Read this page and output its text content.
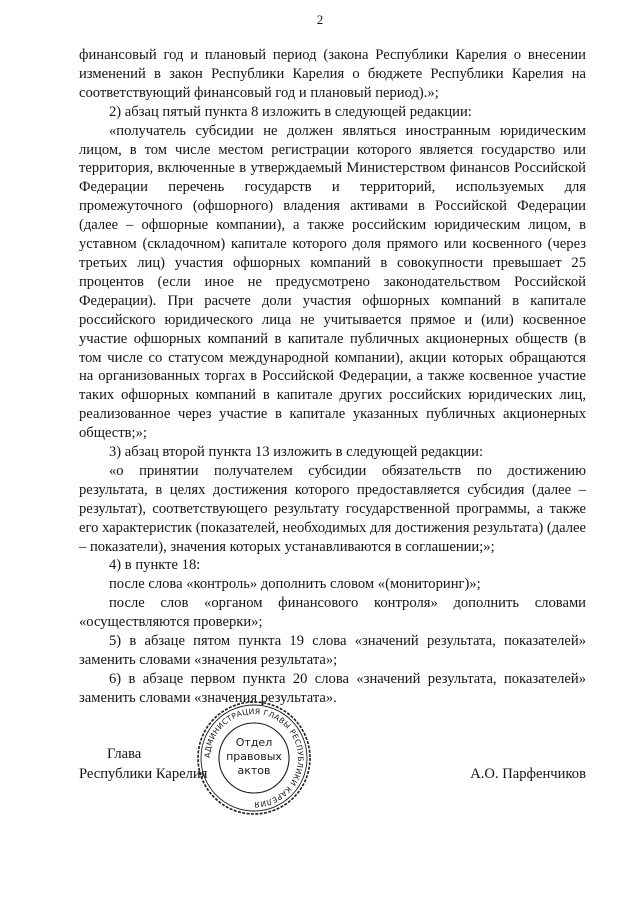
2

финансовый год и плановый период (закона Республики Карелия о внесении изменений в закон Республики Карелия о бюджете Республики Карелия на соответствующий финансовый год и плановый период).»;

2) абзац пятый пункта 8 изложить в следующей редакции:

«получатель субсидии не должен являться иностранным юридическим лицом, в том числе местом регистрации которого является государство или территория, включенные в утверждаемый Министерством финансов Российской Федерации перечень государств и территорий, используемых для промежуточного (офшорного) владения активами в Российской Федерации (далее – офшорные компании), а также российским юридическим лицом, в уставном (складочном) капитале которого доля прямого или косвенного (через третьих лиц) участия офшорных компаний в совокупности превышает 25 процентов (если иное не предусмотрено законодательством Российской Федерации). При расчете доли участия офшорных компаний в капитале российского юридического лица не учитывается прямое и (или) косвенное участие офшорных компаний в капитале публичных акционерных обществ (в том числе со статусом международной компании), акции которых обращаются на организованных торгах в Российской Федерации, а также косвенное участие таких офшорных компаний в капитале других российских юридических лиц, реализованное через участие в капитале указанных публичных акционерных обществ;»;

3) абзац второй пункта 13 изложить в следующей редакции:

«о принятии получателем субсидии обязательств по достижению результата, в целях достижения которого предоставляется субсидия (далее – результат), соответствующего результату государственной программы, а также его характеристик (показателей, необходимых для достижения результата) (далее – показатели), значения которых устанавливаются в соглашении;»;

4) в пункте 18:

после слова «контроль» дополнить словом «(мониторинг)»;

после слов «органом финансового контроля» дополнить словами «осуществляются проверки»;

5) в абзаце пятом пункта 19 слова «значений результата, показателей» заменить словами «значения результата»;

6) в абзаце первом пункта 20 слова «значений результата, показателей» заменить словами «значения результата».

Глава
Республики Карелия
АДМИНИСТРАЦИЯ ГЛАВЫ РЕСПУБЛИКИ КАРЕЛИЯ
Отдел
правовых
актов	А.О. Парфенчиков
